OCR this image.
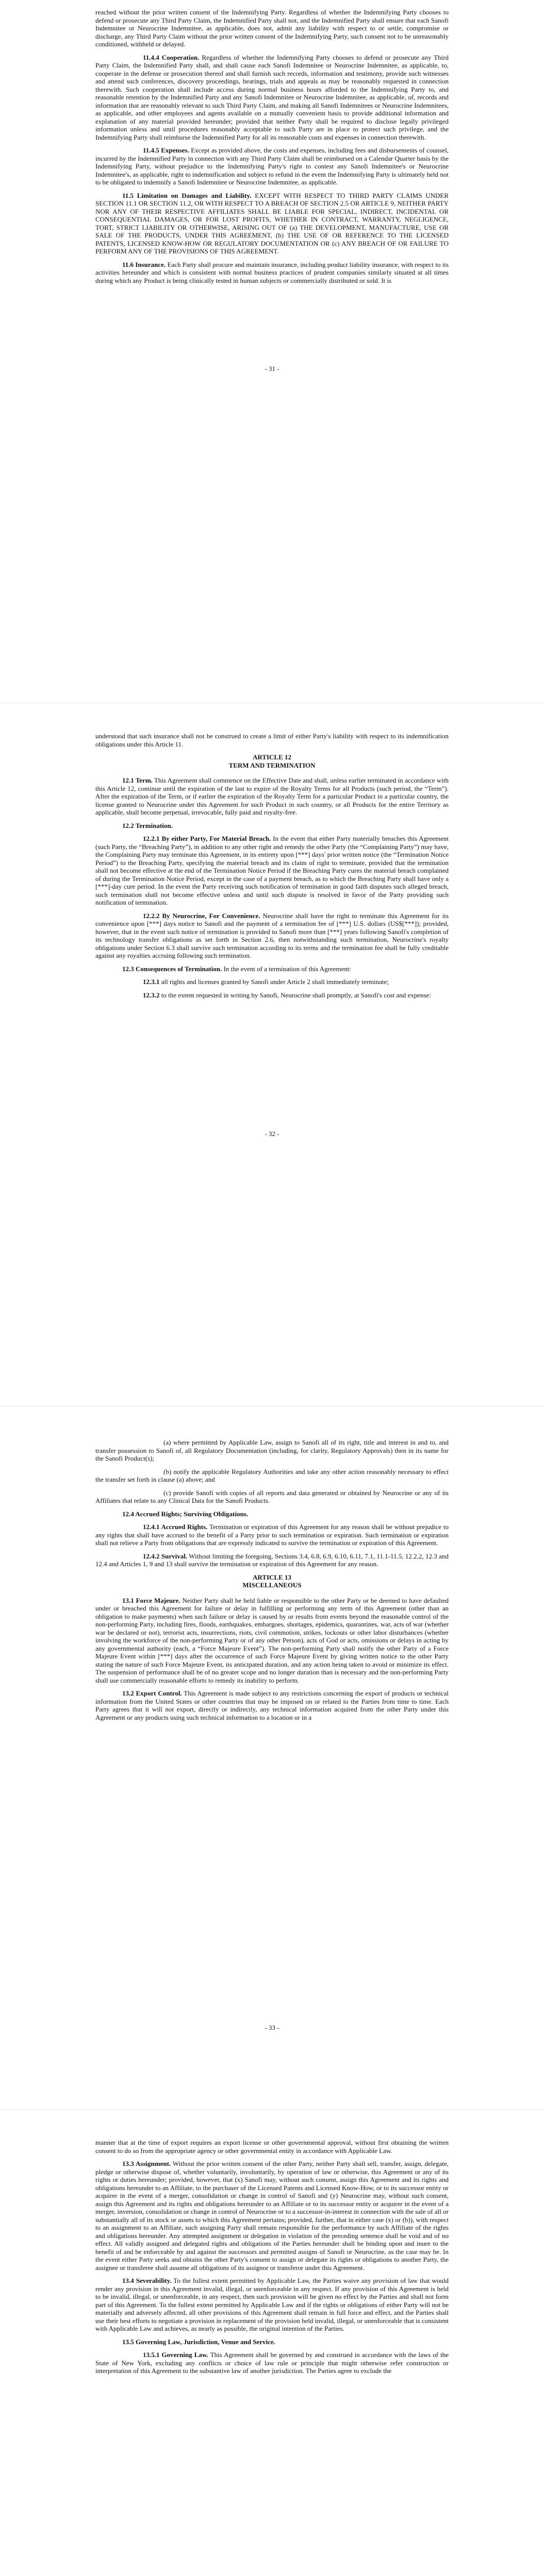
reached without the prior written consent of the Indemnifying Party. Regardless of whether the Indemnifying Party chooses to defend or prosecute any Third Party Claim, the Indemnified Party shall not, and the Indemnified Party shall ensure that each Sanofi Indemnitee or Neurocrine Indemnitee, as applicable, does not, admit any liability with respect to or settle, compromise or discharge, any Third Party Claim without the prior written consent of the Indemnifying Party, such consent not to be unreasonably conditioned, withheld or delayed.

11.4.4 Cooperation. Regardless of whether the Indemnifying Party chooses to defend or prosecute any Third Party Claim, the Indemnified Party shall, and shall cause each Sanofi Indemnitee or Neurocrine Indemnitee, as applicable, to, cooperate in the defense or prosecution thereof and shall furnish such records, information and testimony, provide such witnesses and attend such conferences, discovery proceedings, hearings, trials and appeals as may be reasonably requested in connection therewith. Such cooperation shall include access during normal business hours afforded to the Indemnifying Party to, and reasonable retention by the Indemnified Party and any Sanofi Indemnitee or Neurocrine Indemnitee, as applicable, of, records and information that are reasonably relevant to such Third Party Claim, and making all Sanofi Indemnitees or Neurocrine Indemnitees, as applicable, and other employees and agents available on a mutually convenient basis to provide additional information and explanation of any material provided hereunder; provided that neither Party shall be required to disclose legally privileged information unless and until procedures reasonably acceptable to such Party are in place to protect such privilege, and the Indemnifying Party shall reimburse the Indemnified Party for all its reasonable costs and expenses in connection therewith.

11.4.5 Expenses. Except as provided above, the costs and expenses, including fees and disbursements of counsel, incurred by the Indemnified Party in connection with any Third Party Claim shall be reimbursed on a Calendar Quarter basis by the Indemnifying Party, without prejudice to the Indemnifying Party's right to contest any Sanofi Indemnitee's or Neurocrine Indemnitee's, as applicable, right to indemnification and subject to refund in the event the Indemnifying Party is ultimately held not to be obligated to indemnify a Sanofi Indemnitee or Neurocrine Indemnitee, as applicable.

11.5 Limitation on Damages and Liability. EXCEPT WITH RESPECT TO THIRD PARTY CLAIMS UNDER SECTION 11.1 OR SECTION 11.2, OR WITH RESPECT TO A BREACH OF SECTION 2.5 OR ARTICLE 9, NEITHER PARTY NOR ANY OF THEIR RESPECTIVE AFFILIATES SHALL BE LIABLE FOR SPECIAL, INDIRECT, INCIDENTAL OR CONSEQUENTIAL DAMAGES, OR FOR LOST PROFITS, WHETHER IN CONTRACT, WARRANTY, NEGLIGENCE, TORT, STRICT LIABILITY OR OTHERWISE, ARISING OUT OF (a) THE DEVELOPMENT, MANUFACTURE, USE OR SALE OF THE PRODUCTS, UNDER THIS AGREEMENT, (b) THE USE OF OR REFERENCE TO THE LICENSED PATENTS, LICENSED KNOW-HOW OR REGULATORY DOCUMENTATION OR (c) ANY BREACH OF OR FAILURE TO PERFORM ANY OF THE PROVISIONS OF THIS AGREEMENT.

11.6 Insurance. Each Party shall procure and maintain insurance, including product liability insurance, with respect to its activities hereunder and which is consistent with normal business practices of prudent companies similarly situated at all times during which any Product is being clinically tested in human subjects or commercially distributed or sold. It is

- 31 -

understood that such insurance shall not be construed to create a limit of either Party's liability with respect to its indemnification obligations under this Article 11.

ARTICLE 12
TERM AND TERMINATION

12.1 Term. This Agreement shall commence on the Effective Date and shall, unless earlier terminated in accordance with this Article 12, continue until the expiration of the last to expire of the Royalty Terms for all Products (such period, the “Term”). After the expiration of the Term, or if earlier the expiration of the Royalty Term for a particular Product in a particular country, the license granted to Neurocrine under this Agreement for such Product in such country, or all Products for the entire Territory as applicable, shall become perpetual, irrevocable, fully paid and royalty-free.

12.2 Termination.

12.2.1 By either Party, For Material Breach. In the event that either Party materially breaches this Agreement (such Party, the “Breaching Party”), in addition to any other right and remedy the other Party (the “Complaining Party”) may have, the Complaining Party may terminate this Agreement, in its entirety upon [***] days' prior written notice (the “Termination Notice Period”) to the Breaching Party, specifying the material breach and its claim of right to terminate, provided that the termination shall not become effective at the end of the Termination Notice Period if the Breaching Party cures the material breach complained of during the Termination Notice Period, except in the case of a payment breach, as to which the Breaching Party shall have only a [***]-day cure period. In the event the Party receiving such notification of termination in good faith disputes such alleged breach, such termination shall not become effective unless and until such dispute is resolved in favor of the Party providing such notification of termination.

12.2.2 By Neurocrine, For Convenience. Neurocrine shall have the right to terminate this Agreement for its convenience upon [***] days notice to Sanofi and the payment of a termination fee of [***] U.S. dollars (US$[***]); provided, however, that in the event such notice of termination is provided to Sanofi more than [***] years following Sanofi's completion of its technology transfer obligations as set forth in Section 2.6, then notwithstanding such termination, Neurocrine's royalty obligations under Section 6.3 shall survive such termination according to its terms and the termination fee shall be fully creditable against any royalties accruing following such termination.

12.3 Consequences of Termination. In the event of a termination of this Agreement:

12.3.1 all rights and licenses granted by Sanofi under Article 2 shall immediately terminate;

12.3.2 to the extent requested in writing by Sanofi, Neurocrine shall promptly, at Sanofi's cost and expense:

- 32 -

(a) where permitted by Applicable Law, assign to Sanofi all of its right, title and interest in and to, and transfer possession to Sanofi of, all Regulatory Documentation (including, for clarity, Regulatory Approvals) then in its name for the Sanofi Product(s);

(b) notify the applicable Regulatory Authorities and take any other action reasonably necessary to effect the transfer set forth in clause (a) above; and

(c) provide Sanofi with copies of all reports and data generated or obtained by Neurocrine or any of its Affiliates that relate to any Clinical Data for the Sanofi Products.

12.4 Accrued Rights; Surviving Obligations.

12.4.1 Accrued Rights. Termination or expiration of this Agreement for any reason shall be without prejudice to any rights that shall have accrued to the benefit of a Party prior to such termination or expiration. Such termination or expiration shall not relieve a Party from obligations that are expressly indicated to survive the termination or expiration of this Agreement.

12.4.2 Survival. Without limiting the foregoing, Sections 3.4, 6.8, 6.9, 6.10, 6.11, 7.1, 11.1-11.5, 12.2.2, 12.3 and 12.4 and Articles 1, 9 and 13 shall survive the termination or expiration of this Agreement for any reason.

ARTICLE 13
MISCELLANEOUS

13.1 Force Majeure. Neither Party shall be held liable or responsible to the other Party or be deemed to have defaulted under or breached this Agreement for failure or delay in fulfilling or performing any term of this Agreement (other than an obligation to make payments) when such failure or delay is caused by or results from events beyond the reasonable control of the non-performing Party, including fires, floods, earthquakes, embargoes, shortages, epidemics, quarantines, war, acts of war (whether war be declared or not), terrorist acts, insurrections, riots, civil commotion, strikes, lockouts or other labor disturbances (whether involving the workforce of the non-performing Party or of any other Person), acts of God or acts, omissions or delays in acting by any governmental authority (each, a “Force Majeure Event”). The non-performing Party shall notify the other Party of a Force Majeure Event within [***] days after the occurrence of such Force Majeure Event by giving written notice to the other Party stating the nature of such Force Majeure Event, its anticipated duration, and any action being taken to avoid or minimize its effect. The suspension of performance shall be of no greater scope and no longer duration than is necessary and the non-performing Party shall use commercially reasonable efforts to remedy its inability to perform.

13.2 Export Control. This Agreement is made subject to any restrictions concerning the export of products or technical information from the United States or other countries that may be imposed on or related to the Parties from time to time. Each Party agrees that it will not export, directly or indirectly, any technical information acquired from the other Party under this Agreement or any products using such technical information to a location or in a

- 33 -

manner that at the time of export requires an export license or other governmental approval, without first obtaining the written consent to do so from the appropriate agency or other governmental entity in accordance with Applicable Law.

13.3 Assignment. Without the prior written consent of the other Party, neither Party shall sell, transfer, assign, delegate, pledge or otherwise dispose of, whether voluntarily, involuntarily, by operation of law or otherwise, this Agreement or any of its rights or duties hereunder; provided, however, that (x) Sanofi may, without such consent, assign this Agreement and its rights and obligations hereunder to an Affiliate, to the purchaser of the Licensed Patents and Licensed Know-How, or to its successor entity or acquirer in the event of a merger, consolidation or change in control of Sanofi and (y) Neurocrine may, without such consent, assign this Agreement and its rights and obligations hereunder to an Affiliate or to its successor entity or acquirer in the event of a merger, inversion, consolidation or change in control of Neurocrine or to a successor-in-interest in connection with the sale of all or substantially all of its stock or assets to which this Agreement pertains; provided, further, that in either case (x) or (b)), with respect to an assignment to an Affiliate, such assigning Party shall remain responsible for the performance by such Affiliate of the rights and obligations hereunder. Any attempted assignment or delegation in violation of the preceding sentence shall be void and of no effect. All validly assigned and delegated rights and obligations of the Parties hereunder shall be binding upon and inure to the benefit of and be enforceable by and against the successors and permitted assigns of Sanofi or Neurocrine, as the case may be. In the event either Party seeks and obtains the other Party's consent to assign or delegate its rights or obligations to another Party, the assignee or transferee shall assume all obligations of its assignor or transferor under this Agreement.

13.4 Severability. To the fullest extent permitted by Applicable Law, the Parties waive any provision of law that would render any provision in this Agreement invalid, illegal, or unenforceable in any respect. If any provision of this Agreement is held to be invalid, illegal, or unenforceable, in any respect, then such provision will be given no effect by the Parties and shall not form part of this Agreement. To the fullest extent permitted by Applicable Law and if the rights or obligations of either Party will not be materially and adversely affected, all other provisions of this Agreement shall remain in full force and effect, and the Parties shall use their best efforts to negotiate a provision in replacement of the provision held invalid, illegal, or unenforceable that is consistent with Applicable Law and achieves, as nearly as possible, the original intention of the Parties.

13.5 Governing Law, Jurisdiction, Venue and Service.

13.5.1 Governing Law. This Agreement shall be governed by and construed in accordance with the laws of the State of New York, excluding any conflicts or choice of law rule or principle that might otherwise refer construction or interpretation of this Agreement to the substantive law of another jurisdiction. The Parties agree to exclude the
